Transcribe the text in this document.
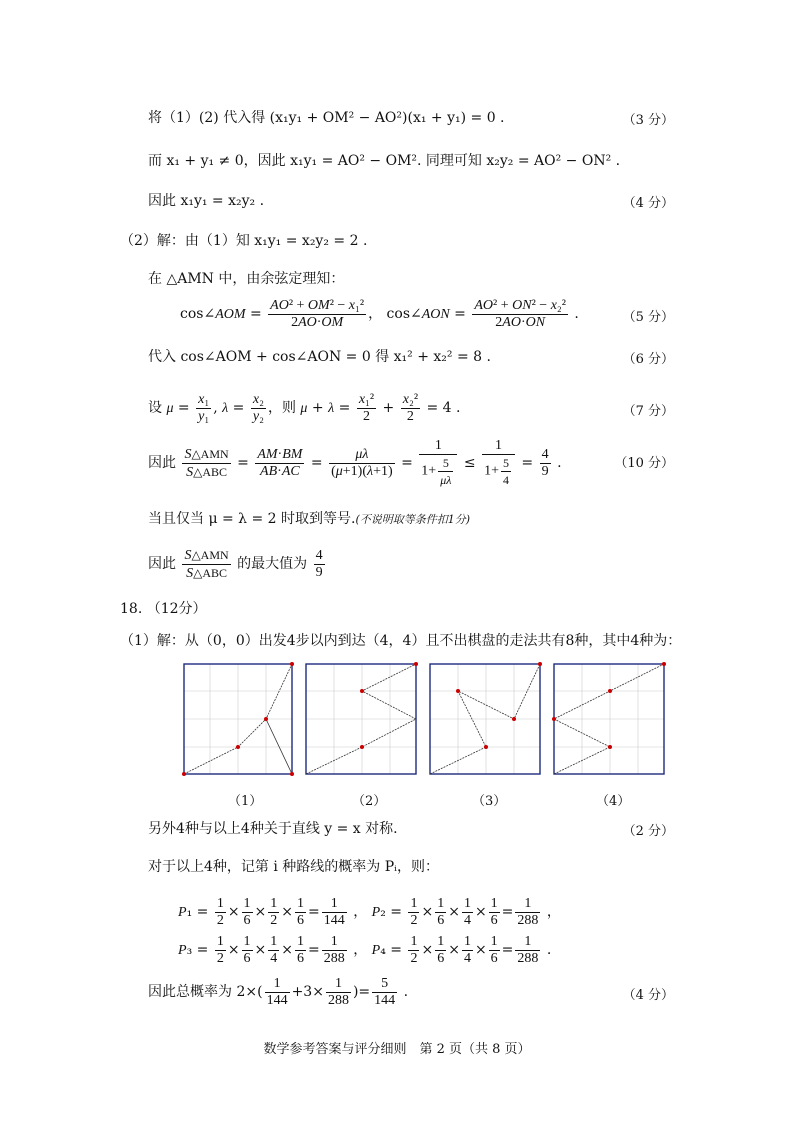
将（1）(2) 代入得 (x₁y₁ + OM² − AO²)(x₁ + y₁) = 0 .	（3 分）
而 x₁ + y₁ ≠ 0，因此 x₁y₁ = AO² − OM². 同理可知 x₂y₂ = AO² − ON² .
因此 x₁y₁ = x₂y₂ .	（4 分）
（2）解：由（1）知 x₁y₁ = x₂y₂ = 2 .
在 △AMN 中，由余弦定理知：
cos∠AOM = $\frac{\text{AO² + OM² − x₁²}}{2AO\cdot OM}$ ， cos∠AON = $\frac{\text{AO² + ON² − x₂²}}{2AO\cdot ON}$ .	（5 分）
代入 cos∠AOM + cos∠AON = 0 得 x₁² + x₂² = 8 .	（6 分）
设 $\mu = \frac{\text{x₁}}{\text{y₁}}$ , $\lambda = \frac{\text{x₂}}{\text{y₂}}$ ，则 $\mu + \lambda = \frac{\text{x₁²}}{2} + \frac{\text{x₂²}}{2} = 4$ .	（7 分）
因此 $\frac{\text{S△AMN}}{\text{S△ABC}} = \frac{AM\cdot BM}{AB\cdot AC} = \frac{\mu\lambda}{(\mu+1)(\lambda+1)} = \frac{1}{1+ \frac{5}{\mu\lambda}} \le \frac{1}{1+ \frac{5}{4}} = \frac{4}{9}$ .	（10 分）
当且仅当 μ = λ = 2 时取到等号.(不说明取等条件扣1分)
因此 $\frac{\text{S△AMN}}{\text{S△ABC}}$ 的最大值为 $\frac{4}{9}$
18. （12分）
（1）解：从（0，0）出发4步以内到达（4，4）且不出棋盘的走法共有8种，其中4种为：
（1）	（2）	（3）	（4）
另外4种与以上4种关于直线 y = x 对称.	（2 分）
对于以上4种，记第 i 种路线的概率为 Pᵢ，则：
$P_1 = \frac{1}{2} \times \frac{1}{6} \times \frac{1}{2} \times \frac{1}{6} = \frac{1}{144}$ ， $P_2 = \frac{1}{2} \times \frac{1}{6} \times \frac{1}{4} \times \frac{1}{6} = \frac{1}{288}$ ，
$P_3 = \frac{1}{2} \times \frac{1}{6} \times \frac{1}{4} \times \frac{1}{6} = \frac{1}{288}$ ， $P_4 = \frac{1}{2} \times \frac{1}{6} \times \frac{1}{4} \times \frac{1}{6} = \frac{1}{288}$ .
因此总概率为 $2\times( \frac{1}{144} +3\times \frac{1}{288}$ )= $\frac{5}{144}$ .	（4 分）
数学参考答案与评分细则　第 2 页（共 8 页）
